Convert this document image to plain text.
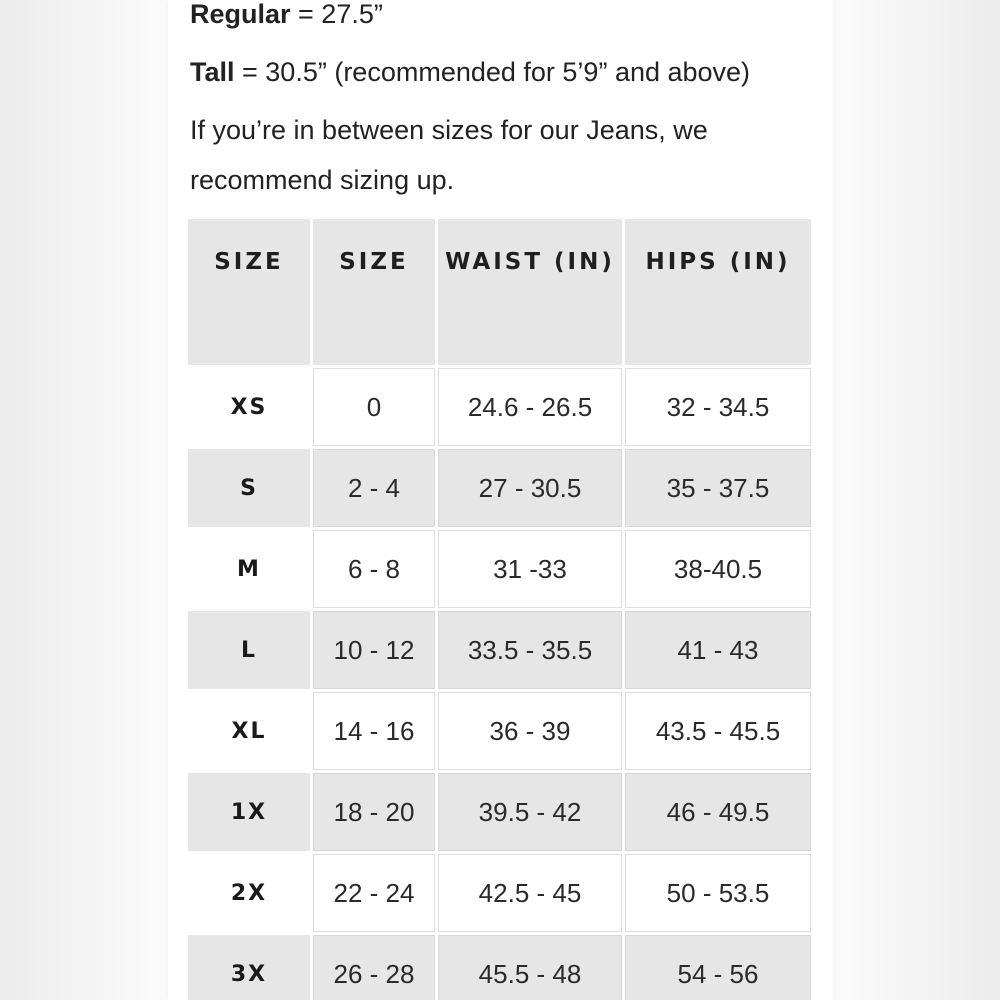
Regular = 27.5”
Tall = 30.5” (recommended for 5’9” and above)
If you’re in between sizes for our Jeans, we
recommend sizing up.
SIZE	SIZE	WAIST (IN)	HIPS (IN)
XS	0	24.6 - 26.5	32 - 34.5
S	2 - 4	27 - 30.5	35 - 37.5
M	6 - 8	31 -33	38-40.5
L	10 - 12	33.5 - 35.5	41 - 43
XL	14 - 16	36 - 39	43.5 - 45.5
1X	18 - 20	39.5 - 42	46 - 49.5
2X	22 - 24	42.5 - 45	50 - 53.5
3X	26 - 28	45.5 - 48	54 - 56
